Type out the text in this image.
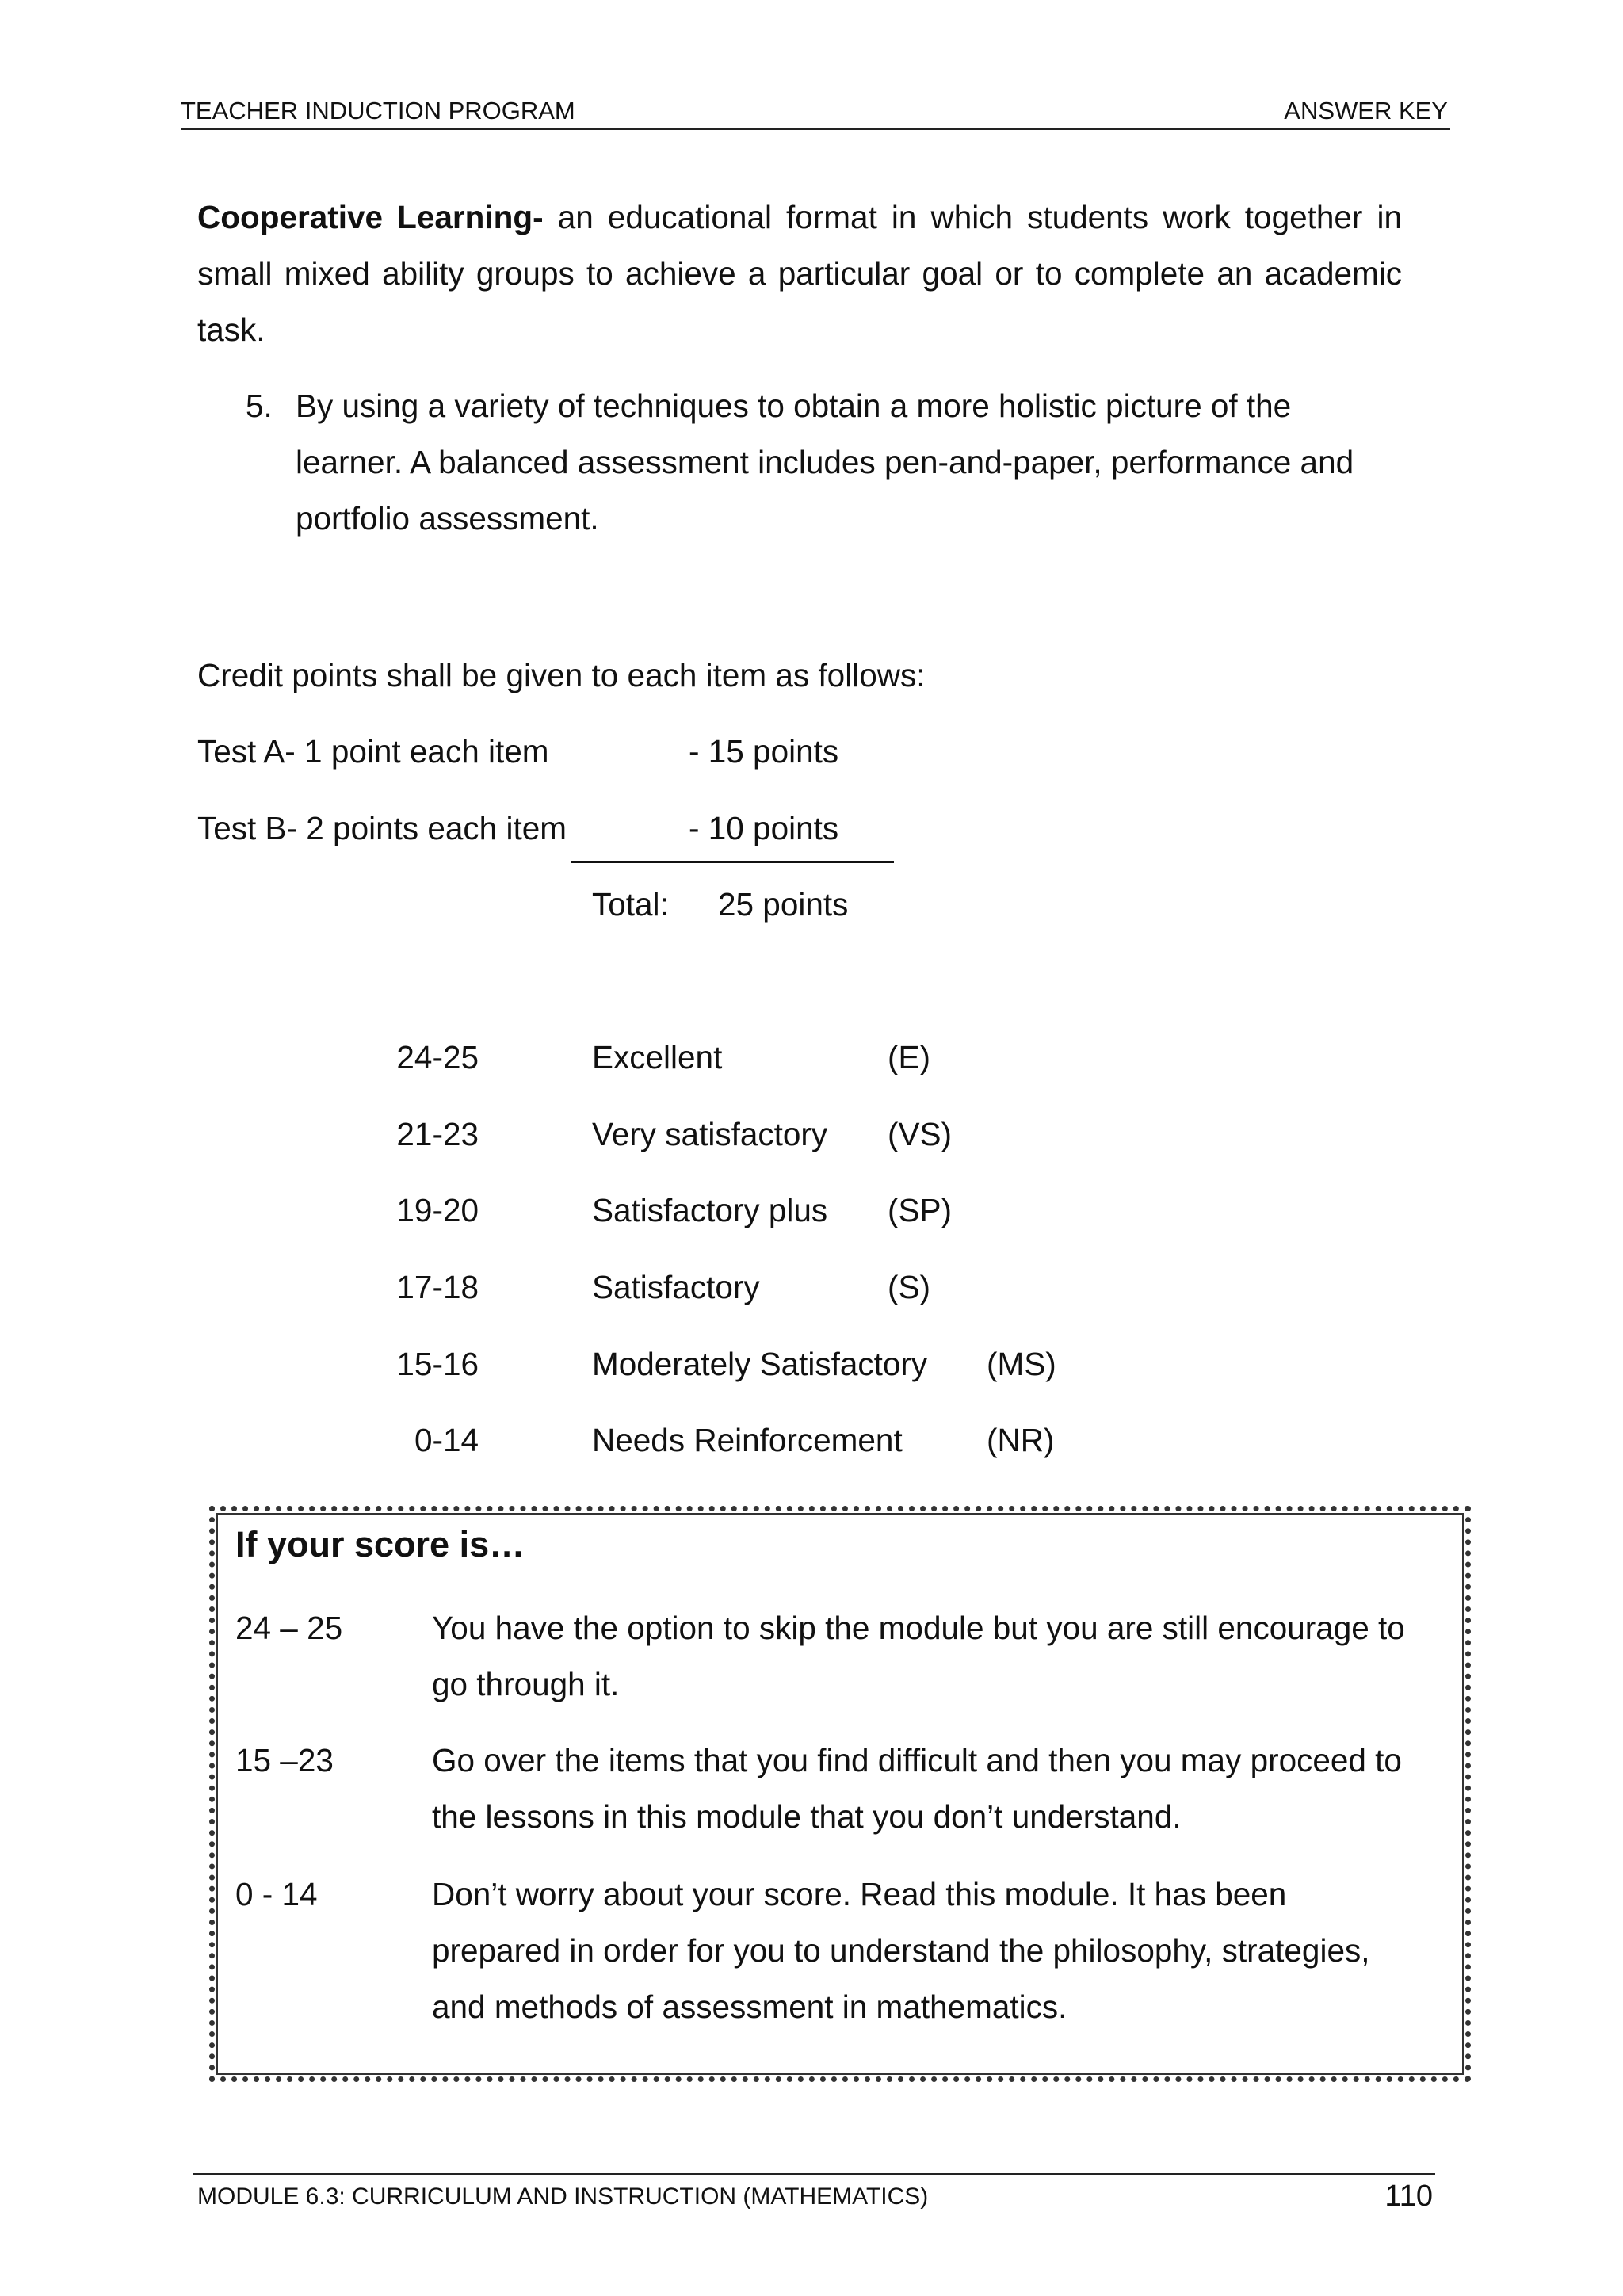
TEACHER INDUCTION PROGRAM	ANSWER KEY
Cooperative Learning- an educational format in which students work together in small mixed ability groups to achieve a particular goal or to complete an academic task.
5. By using a variety of techniques to obtain a more holistic picture of the learner. A balanced assessment includes pen-and-paper, performance and portfolio assessment.
Credit points shall be given to each item as follows:
Test A- 1 point each item	- 15 points
Test B- 2 points each item	- 10 points
Total: 25 points
24-25	Excellent	(E)
21-23	Very satisfactory (VS)
19-20	Satisfactory plus (SP)
17-18	Satisfactory	(S)
15-16	Moderately Satisfactory (MS)
0-14	Needs Reinforcement	(NR)
If your score is…
24 – 25	You have the option to skip the module but you are still encourage to go through it.
15 –23	Go over the items that you find difficult and then you may proceed to the lessons in this module that you don’t understand.
0 - 14	Don’t worry about your score. Read this module. It has been prepared in order for you to understand the philosophy, strategies, and methods of assessment in mathematics.
MODULE 6.3: CURRICULUM AND INSTRUCTION (MATHEMATICS)	110
